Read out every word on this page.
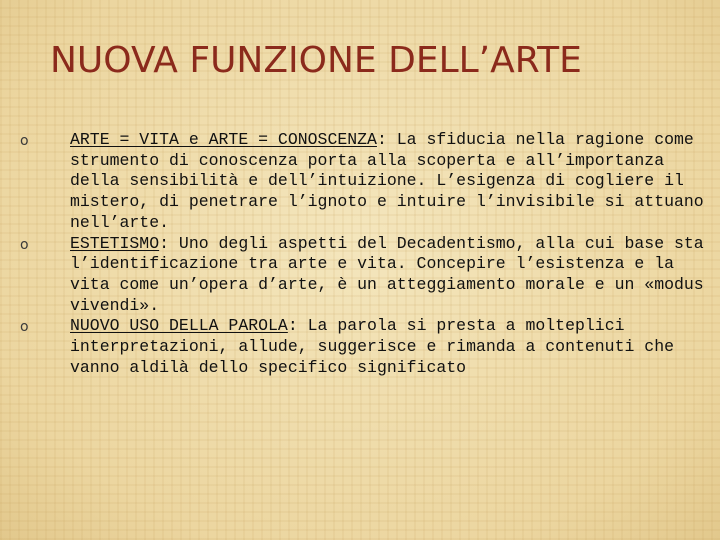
NUOVA FUNZIONE DELL’ARTE
o	ARTE = VITA e ARTE = CONOSCENZA: La sfiducia nella ragione come strumento di conoscenza porta alla scoperta e all’importanza della sensibilità e dell’intuizione. L’esigenza di cogliere il mistero, di penetrare l’ignoto e intuire l’invisibile si attuano nell’arte.
o	ESTETISMO: Uno degli aspetti del Decadentismo, alla cui base sta l’identificazione tra arte e vita. Concepire l’esistenza e la vita come un’opera d’arte, è un atteggiamento morale e un «modus vivendi».
o	NUOVO USO DELLA PAROLA: La parola si presta a molteplici interpretazioni, allude, suggerisce e rimanda a contenuti che vanno aldilà dello specifico significato
